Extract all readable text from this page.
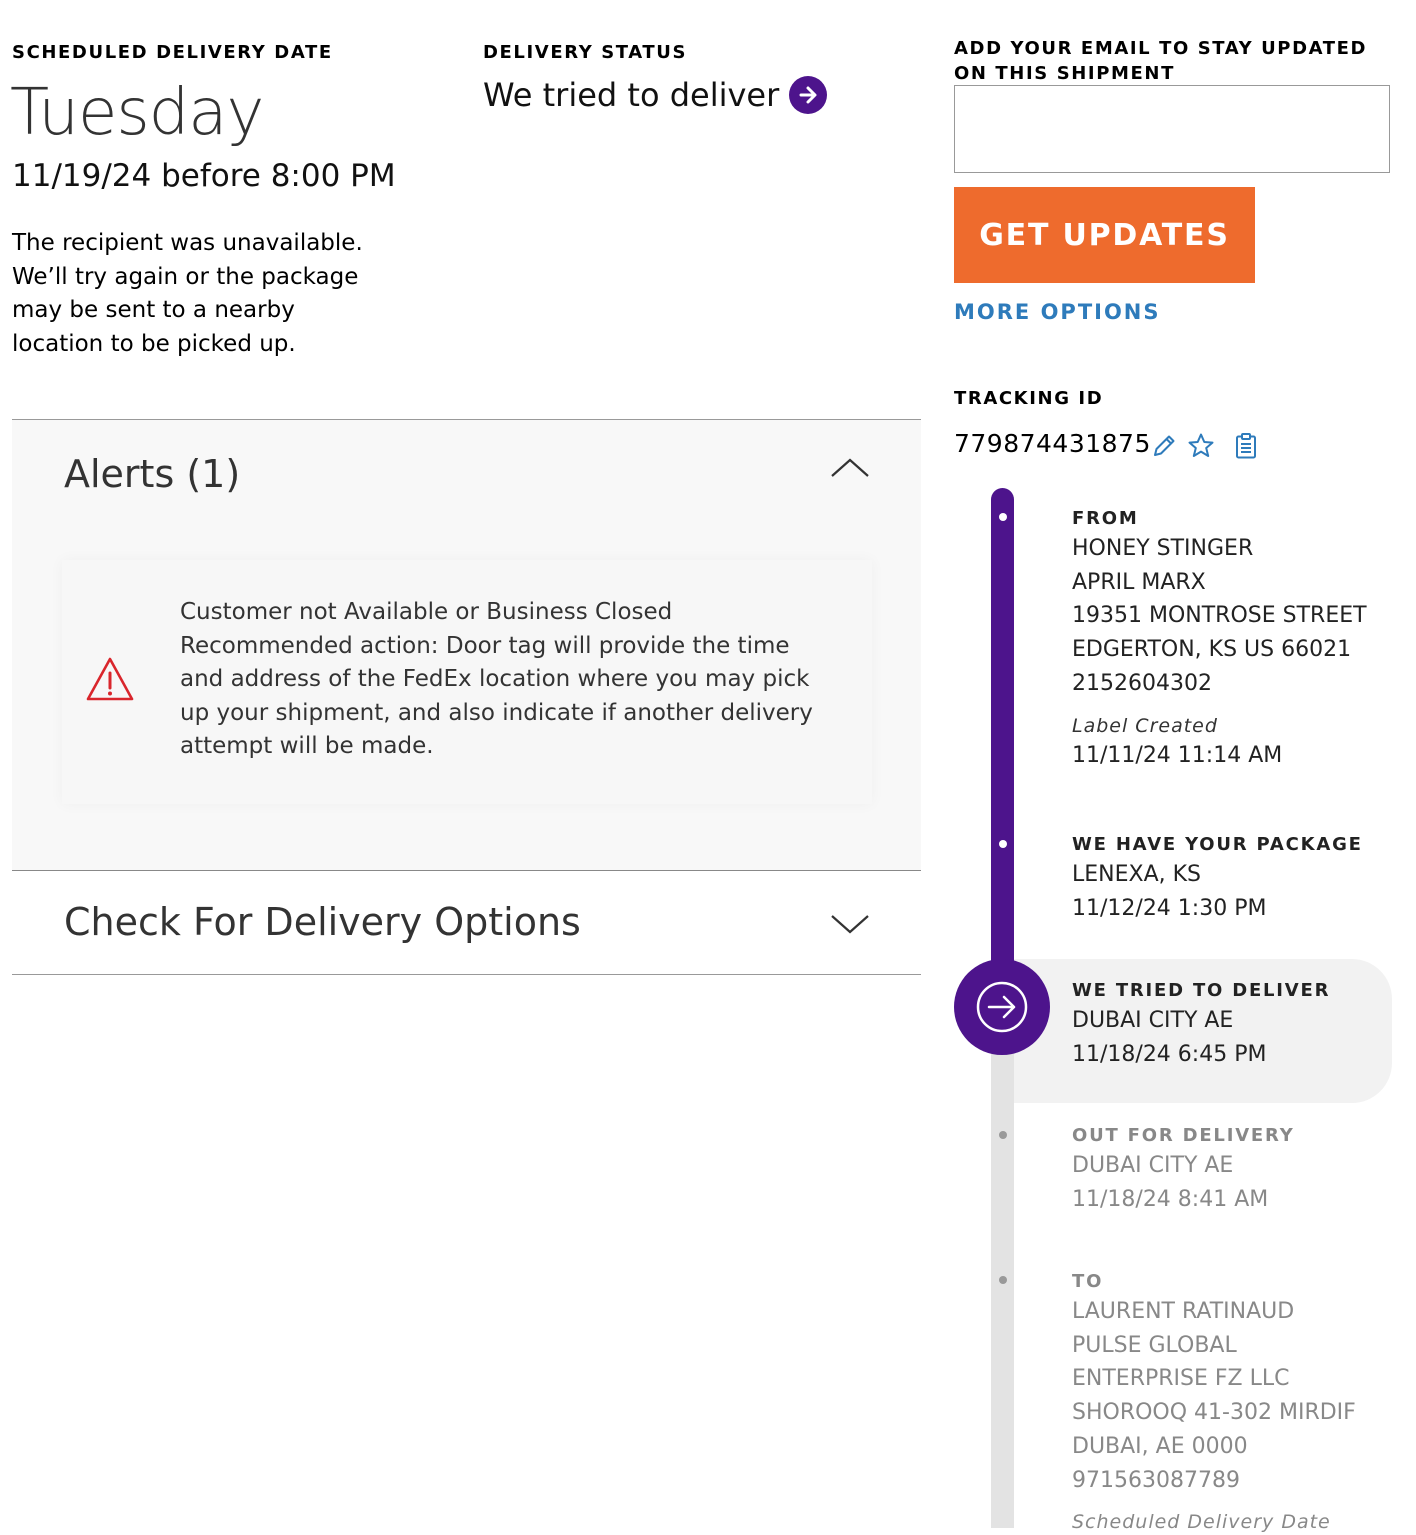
SCHEDULED DELIVERY DATE
Tuesday
11/19/24 before 8:00 PM
The recipient was unavailable. We’ll try again or the package may be sent to a nearby location to be picked up.
DELIVERY STATUS
We tried to deliver
Alerts (1)
Customer not Available or Business Closed Recommended action: Door tag will provide the time and address of the FedEx location where you may pick up your shipment, and also indicate if another delivery attempt will be made.
Check For Delivery Options
ADD YOUR EMAIL TO STAY UPDATED ON THIS SHIPMENT
GET UPDATES
MORE OPTIONS
TRACKING ID
779874431875
FROM
HONEY STINGER
APRIL MARX
19351 MONTROSE STREET
EDGERTON, KS US 66021
2152604302
Label Created
11/11/24 11:14 AM
WE HAVE YOUR PACKAGE
LENEXA, KS
11/12/24 1:30 PM
WE TRIED TO DELIVER
DUBAI CITY AE
11/18/24 6:45 PM
OUT FOR DELIVERY
DUBAI CITY AE
11/18/24 8:41 AM
TO
LAURENT RATINAUD
PULSE GLOBAL
ENTERPRISE FZ LLC
SHOROOQ 41-302 MIRDIF
DUBAI, AE 0000
971563087789
Scheduled Delivery Date
